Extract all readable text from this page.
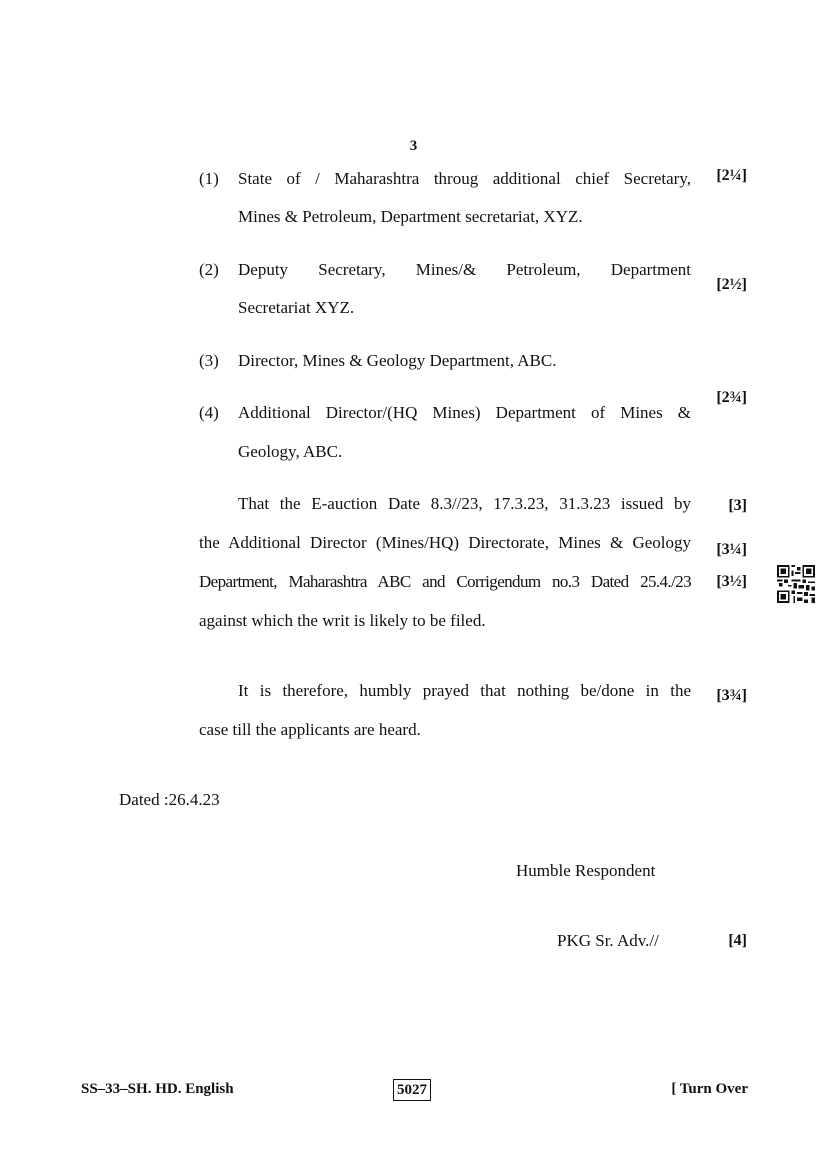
3
(1) State of / Maharashtra throug additional chief Secretary,
Mines & Petroleum, Department secretariat, XYZ.
(2) Deputy Secretary, Mines/& Petroleum, Department
Secretariat XYZ.
(3) Director, Mines & Geology Department, ABC.
(4) Additional Director/(HQ Mines) Department of Mines &
Geology, ABC.
That the E-auction Date 8.3//23, 17.3.23, 31.3.23 issued by
the Additional Director (Mines/HQ) Directorate, Mines & Geology
Department, Maharashtra ABC and Corrigendum no.3 Dated 25.4./23
against which the writ is likely to be filed.
It is therefore, humbly prayed that nothing be/done in the
case till the applicants are heard.
Dated :26.4.23
Humble Respondent
PKG Sr. Adv.//
[2¼]
[2½]
[2¾]
[3]
[3¼]
[3½]
[3¾]
[4]
SS–33–SH. HD. English	5027	[ Turn Over
